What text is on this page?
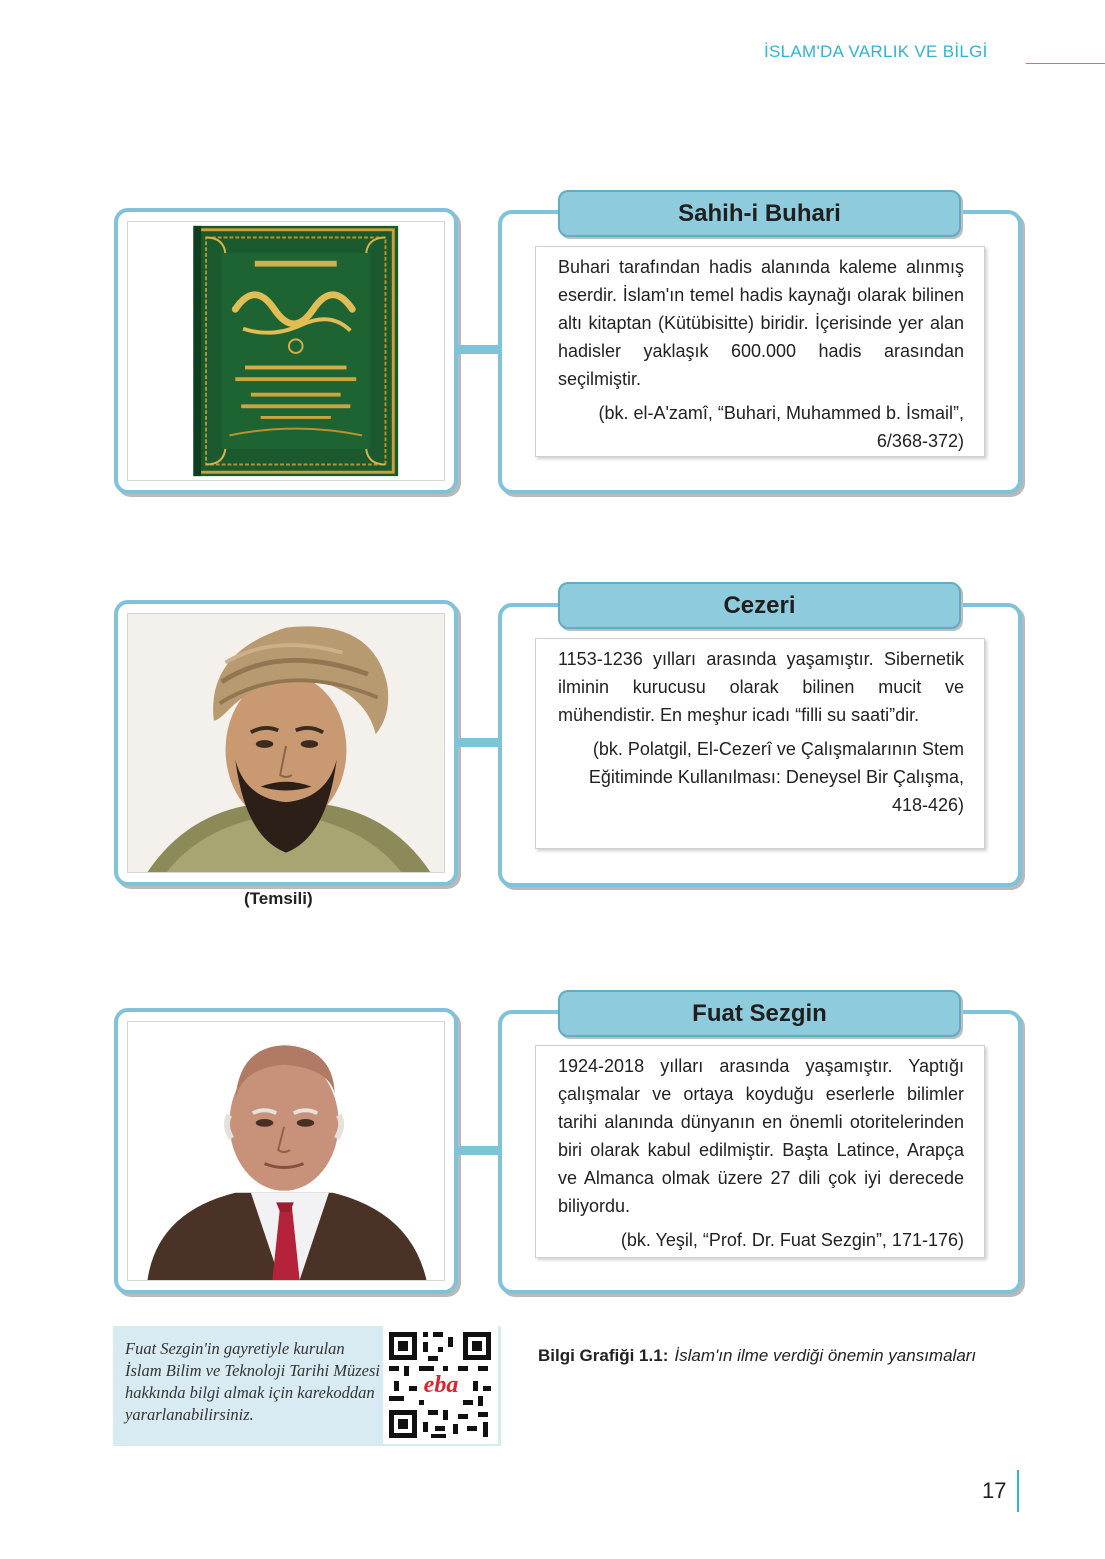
İSLAM'DA VARLIK VE BİLGİ
Sahih-i Buhari
Buhari tarafından hadis alanında kaleme alınmış eserdir. İslam'ın temel hadis kaynağı olarak bilinen altı kitaptan (Kütübisitte) biridir. İçerisinde yer alan hadisler yaklaşık 600.000 hadis arasından seçilmiştir.
(bk. el-A'zamî, “Buhari, Muhammed b. İsmail”, 6/368-372)
Cezeri
1153-1236 yılları arasında yaşamıştır. Sibernetik ilminin kurucusu olarak bilinen mucit ve mühendistir. En meşhur icadı “filli su saati”dir.
(bk. Polatgil, El-Cezerî ve Çalışmalarının Stem Eğitiminde Kullanılması: Deneysel Bir Çalışma, 418-426)
(Temsili)
Fuat Sezgin
1924-2018 yılları arasında yaşamıştır. Yaptığı çalışmalar ve ortaya koyduğu eserlerle bilimler tarihi alanında dünyanın en önemli otoritelerinden biri olarak kabul edilmiştir. Başta Latince, Arapça ve Almanca olmak üzere 27 dili çok iyi derecede biliyordu.
(bk. Yeşil, “Prof. Dr. Fuat Sezgin”, 171-176)
Fuat Sezgin'in gayretiyle kurulan İslam Bilim ve Teknoloji Tarihi Müzesi hakkında bilgi almak için karekoddan yararlanabilirsiniz.
eba
Bilgi Grafiği 1.1: İslam'ın ilme verdiği önemin yansımaları
17
